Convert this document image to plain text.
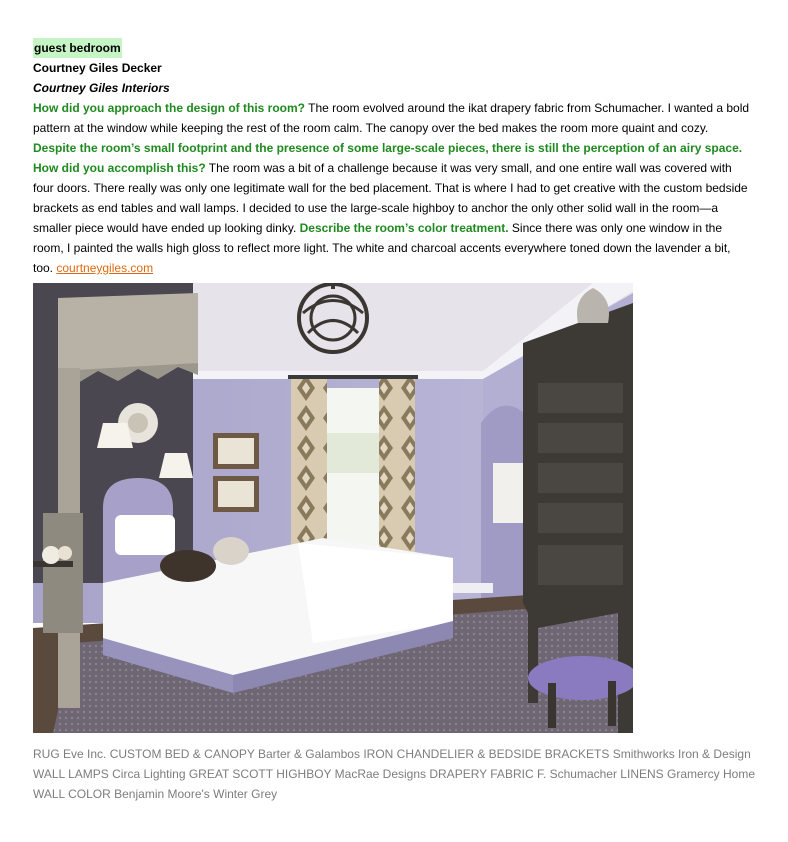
guest bedroom

Courtney Giles Decker

Courtney Giles Interiors

How did you approach the design of this room? The room evolved around the ikat drapery fabric from Schumacher. I wanted a bold pattern at the window while keeping the rest of the room calm. The canopy over the bed makes the room more quaint and cozy. Despite the room’s small footprint and the presence of some large-scale pieces, there is still the perception of an airy space. How did you accomplish this? The room was a bit of a challenge because it was very small, and one entire wall was covered with four doors. There really was only one legitimate wall for the bed placement. That is where I had to get creative with the custom bedside brackets as end tables and wall lamps. I decided to use the large-scale highboy to anchor the only other solid wall in the room—a smaller piece would have ended up looking dinky. Describe the room’s color treatment. Since there was only one window in the room, I painted the walls high gloss to reflect more light. The white and charcoal accents everywhere toned down the lavender a bit, too. courtneygiles.com

RUG Eve Inc. CUSTOM BED & CANOPY Barter & Galambos IRON CHANDELIER & BEDSIDE BRACKETS Smithworks Iron & Design WALL LAMPS Circa Lighting GREAT SCOTT HIGHBOY MacRae Designs DRAPERY FABRIC F. Schumacher LINENS Gramercy Home WALL COLOR Benjamin Moore's Winter Grey
